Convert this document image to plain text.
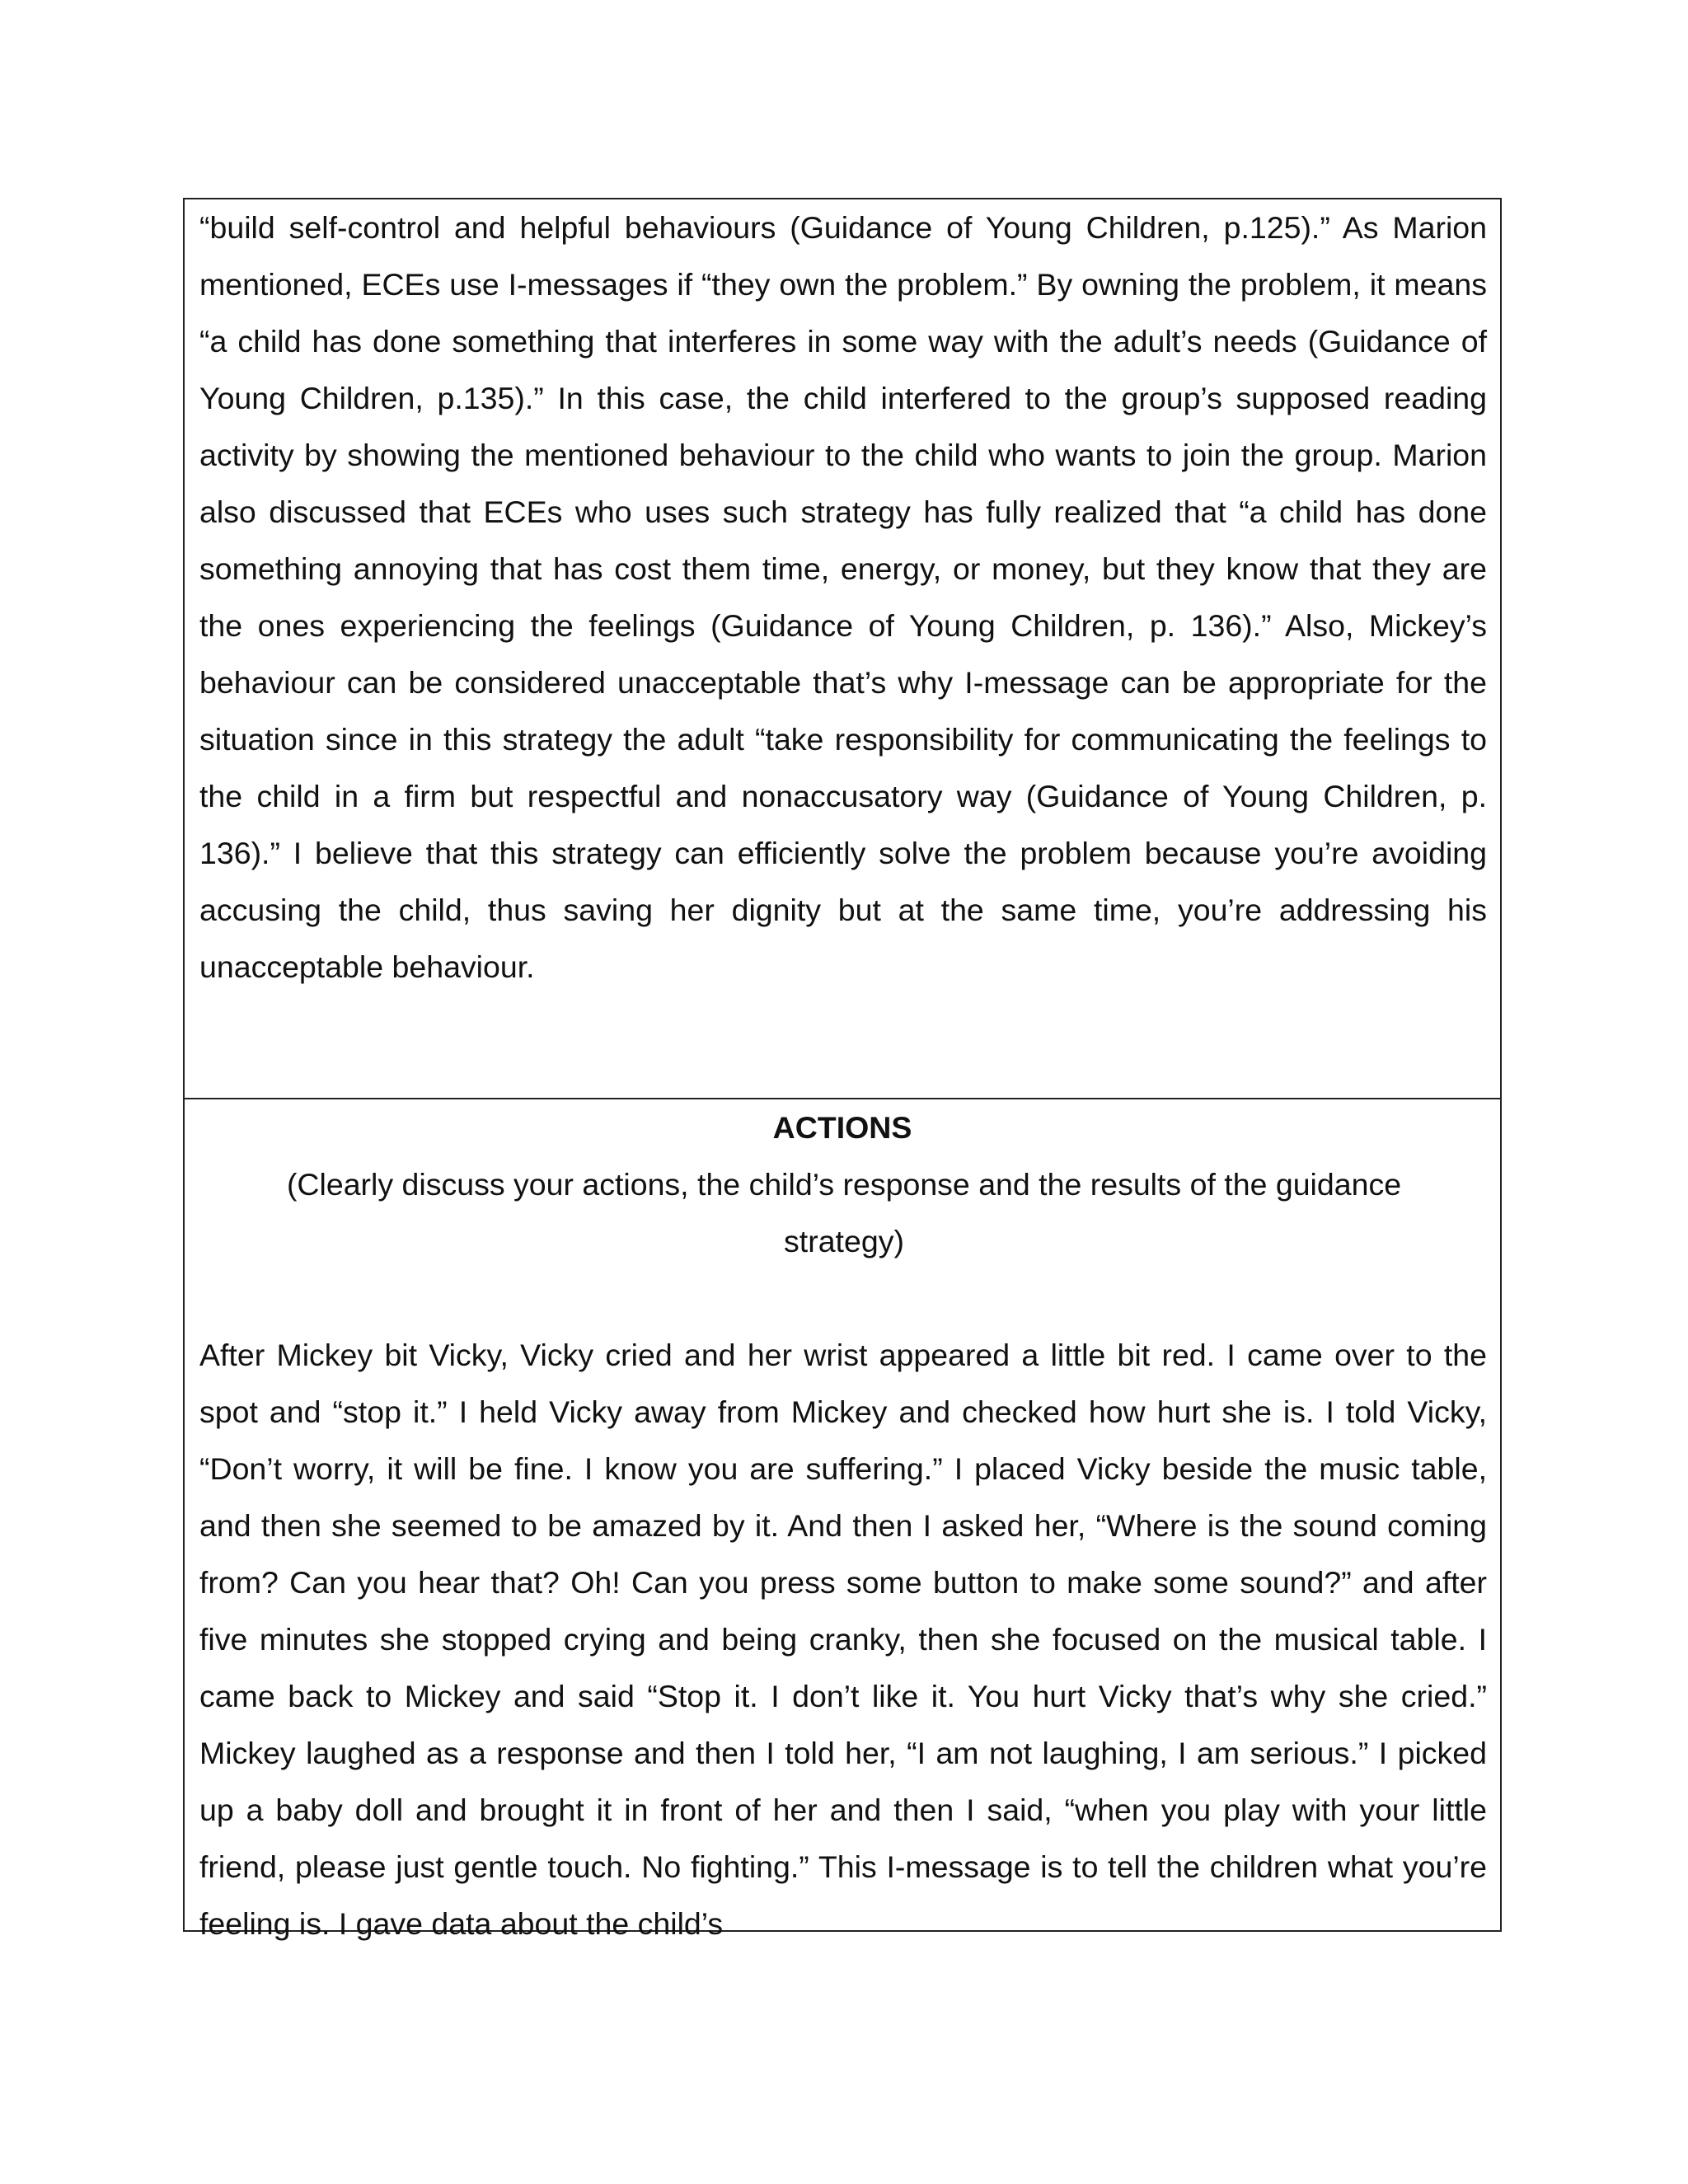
“build self-control and helpful behaviours (Guidance of Young Children, p.125).” As Marion mentioned, ECEs use I-messages if “they own the problem.” By owning the problem, it means “a child has done something that interferes in some way with the adult’s needs (Guidance of Young Children, p.135).” In this case, the child interfered to the group’s supposed reading activity by showing the mentioned behaviour to the child who wants to join the group. Marion also discussed that ECEs who uses such strategy has fully realized that “a child has done something annoying that has cost them time, energy, or money, but they know that they are the ones experiencing the feelings (Guidance of Young Children, p. 136).” Also, Mickey’s behaviour can be considered unacceptable that’s why I-message can be appropriate for the situation since in this strategy the adult “take responsibility for communicating the feelings to the child in a firm but respectful and nonaccusatory way (Guidance of Young Children, p. 136).” I believe that this strategy can efficiently solve the problem because you’re avoiding accusing the child, thus saving her dignity but at the same time, you’re addressing his unacceptable behaviour.

ACTIONS

(Clearly discuss your actions, the child’s response and the results of the guidance strategy)

After Mickey bit Vicky, Vicky cried and her wrist appeared a little bit red. I came over to the spot and “stop it.” I held Vicky away from Mickey and checked how hurt she is. I told Vicky, “Don’t worry, it will be fine. I know you are suffering.” I placed Vicky beside the music table, and then she seemed to be amazed by it. And then I asked her, “Where is the sound coming from? Can you hear that? Oh! Can you press some button to make some sound?” and after five minutes she stopped crying and being cranky, then she focused on the musical table. I came back to Mickey and said “Stop it. I don’t like it. You hurt Vicky that’s why she cried.” Mickey laughed as a response and then I told her, “I am not laughing, I am serious.” I picked up a baby doll and brought it in front of her and then I said, “when you play with your little friend, please just gentle touch. No fighting.” This I-message is to tell the children what you’re feeling is. I gave data about the child’s
